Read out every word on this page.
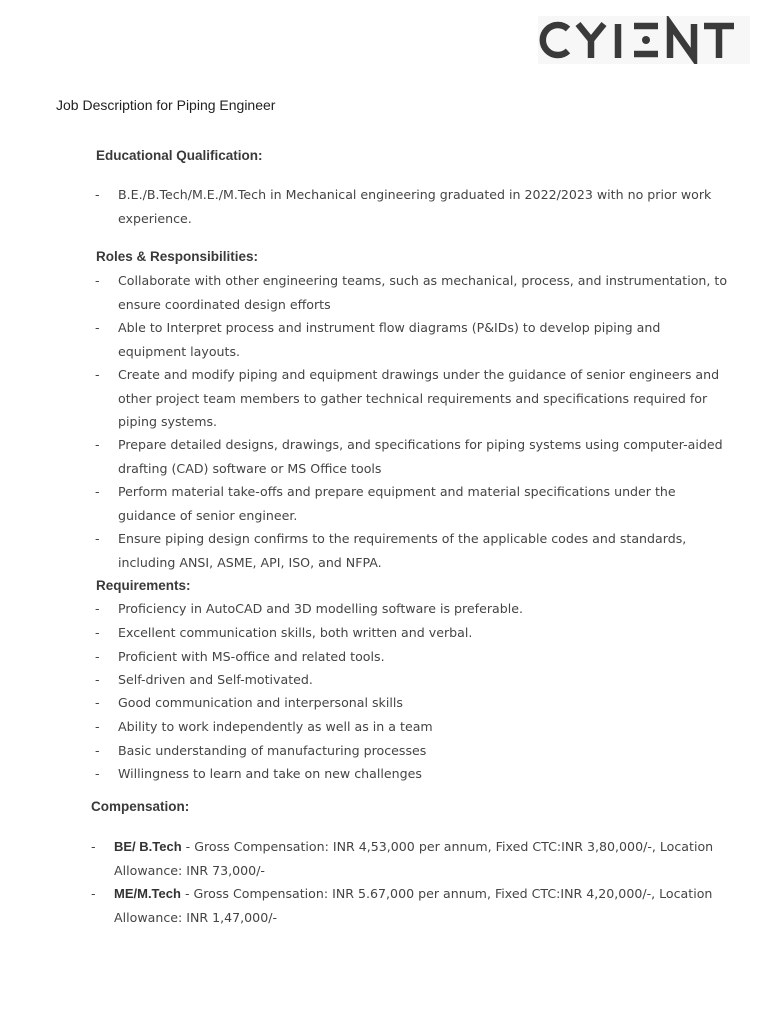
Job Description for Piping Engineer
Educational Qualification:
-	B.E./B.Tech/M.E./M.Tech in Mechanical engineering graduated in 2022/2023 with no prior work experience.
Roles & Responsibilities:
-	Collaborate with other engineering teams, such as mechanical, process, and instrumentation, to ensure coordinated design efforts
-	Able to Interpret process and instrument flow diagrams (P&IDs) to develop piping and equipment layouts.
-	Create and modify piping and equipment drawings under the guidance of senior engineers and other project team members to gather technical requirements and specifications required for piping systems.
-	Prepare detailed designs, drawings, and specifications for piping systems using computer-aided drafting (CAD) software or MS Office tools
-	Perform material take-offs and prepare equipment and material specifications under the guidance of senior engineer.
-	Ensure piping design confirms to the requirements of the applicable codes and standards, including ANSI, ASME, API, ISO, and NFPA.
Requirements:
-	Proficiency in AutoCAD and 3D modelling software is preferable.
-	Excellent communication skills, both written and verbal.
-	Proficient with MS-office and related tools.
-	Self-driven and Self-motivated.
-	Good communication and interpersonal skills
-	Ability to work independently as well as in a team
-	Basic understanding of manufacturing processes
-	Willingness to learn and take on new challenges
Compensation:
-	BE/ B.Tech - Gross Compensation: INR 4,53,000 per annum, Fixed CTC:INR 3,80,000/-, Location Allowance: INR 73,000/-
-	ME/M.Tech - Gross Compensation: INR 5.67,000 per annum, Fixed CTC:INR 4,20,000/-, Location Allowance: INR 1,47,000/-
